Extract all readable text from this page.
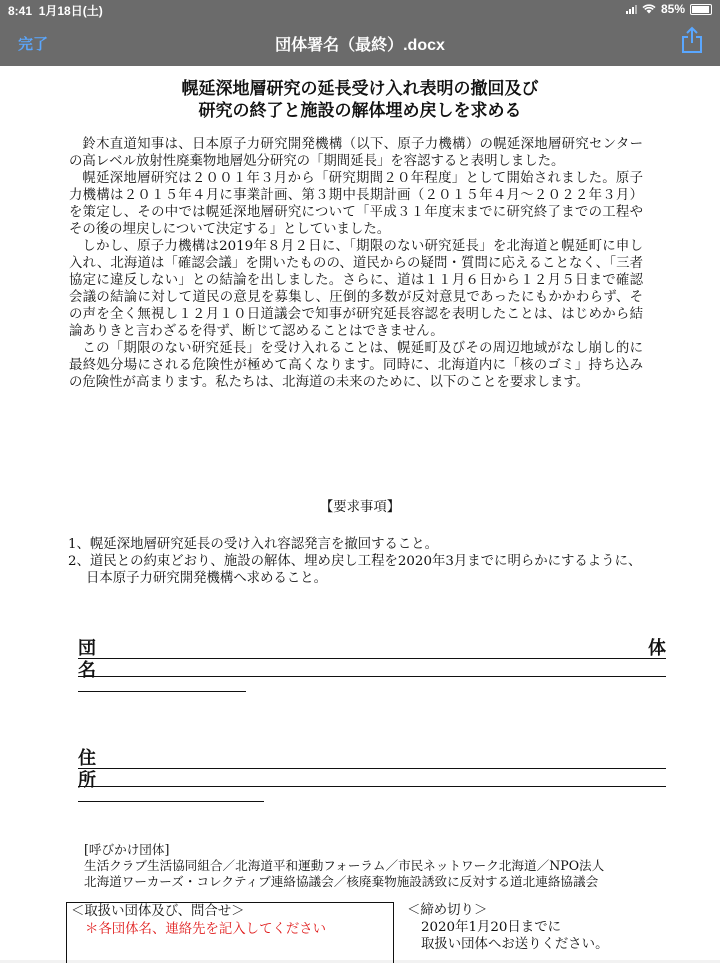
8:41 1月18日(土)	85%
完了	団体署名（最終）.docx
幌延深地層研究の延長受け入れ表明の撤回及び
研究の終了と施設の解体埋め戻しを求める

鈴木直道知事は、日本原子力研究開発機構（以下、原子力機構）の幌延深地層研究センターの高レベル放射性廃棄物地層処分研究の「期間延長」を容認すると表明しました。

幌延深地層研究は２００１年３月から「研究期間２０年程度」として開始されました。原子力機構は２０１５年４月に事業計画、第３期中長期計画（２０１５年４月～２０２２年３月）を策定し、その中では幌延深地層研究について「平成３１年度末までに研究終了までの工程やその後の埋戻しについて決定する」としていました。

しかし、原子力機構は2019年８月２日に、「期限のない研究延長」を北海道と幌延町に申し入れ、北海道は「確認会議」を開いたものの、道民からの疑問・質問に応えることなく、「三者協定に違反しない」との結論を出しました。さらに、道は１１月６日から１２月５日まで確認会議の結論に対して道民の意見を募集し、圧倒的多数が反対意見であったにもかかわらず、その声を全く無視し１２月１０日道議会で知事が研究延長容認を表明したことは、はじめから結論ありきと言わざるを得ず、断じて認めることはできません。

この「期限のない研究延長」を受け入れることは、幌延町及びその周辺地域がなし崩し的に最終処分場にされる危険性が極めて高くなります。同時に、北海道内に「核のゴミ」持ち込みの危険性が高まります。私たちは、北海道の未来のために、以下のことを要求します。

【要求事項】
1、幌延深地層研究延長の受け入れ容認発言を撤回すること。
2、道民との約束どおり、施設の解体、埋め戻し工程を2020年3月までに明らかにするように、日本原子力研究開発機構へ求めること。
団	体
名
住
所
[呼びかけ団体]
生活クラブ生活協同組合／北海道平和運動フォーラム／市民ネットワーク北海道／NPO法人
北海道ワーカーズ・コレクティブ連絡協議会／核廃棄物施設誘致に反対する道北連絡協議会
＜取扱い団体及び、問合せ＞
＊各団体名、連絡先を記入してください
＜締め切り＞
2020年1月20日までに
取扱い団体へお送りください。
